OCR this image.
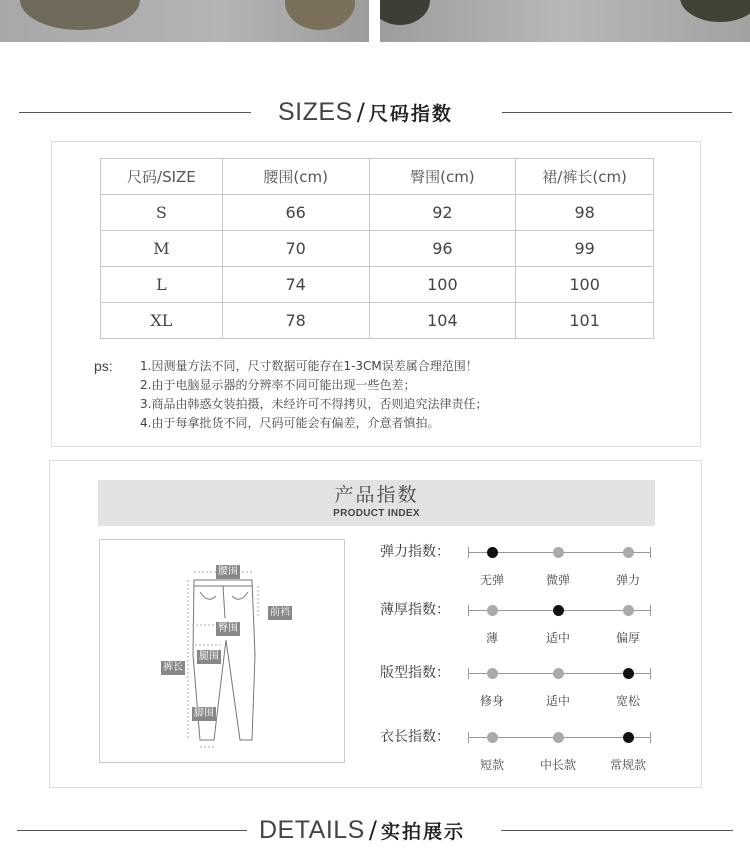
SIZES / 尺码指数
尺码/SIZE	腰围(cm)	臀围(cm)	裙/裤长(cm)
S	66	92	98
M	70	96	99
L	74	100	100
XL	78	104	101
ps: 1.因测量方法不同，尺寸数据可能存在1-3CM误差属合理范围！
2.由于电脑显示器的分辨率不同可能出现一些色差；
3.商品由韩惑女装拍摄，未经许可不得拷贝，否则追究法律责任；
4.由于每拿批货不同，尺码可能会有偏差，介意者慎拍。
产品指数
PRODUCT INDEX
腰围
前裆
臀围
腿围
裤长
脚围
弹力指数：
无弹	微弹	弹力
薄厚指数：
薄	适中	偏厚
版型指数：
修身	适中	宽松
衣长指数：
短款	中长款	常规款
DETAILS / 实拍展示
